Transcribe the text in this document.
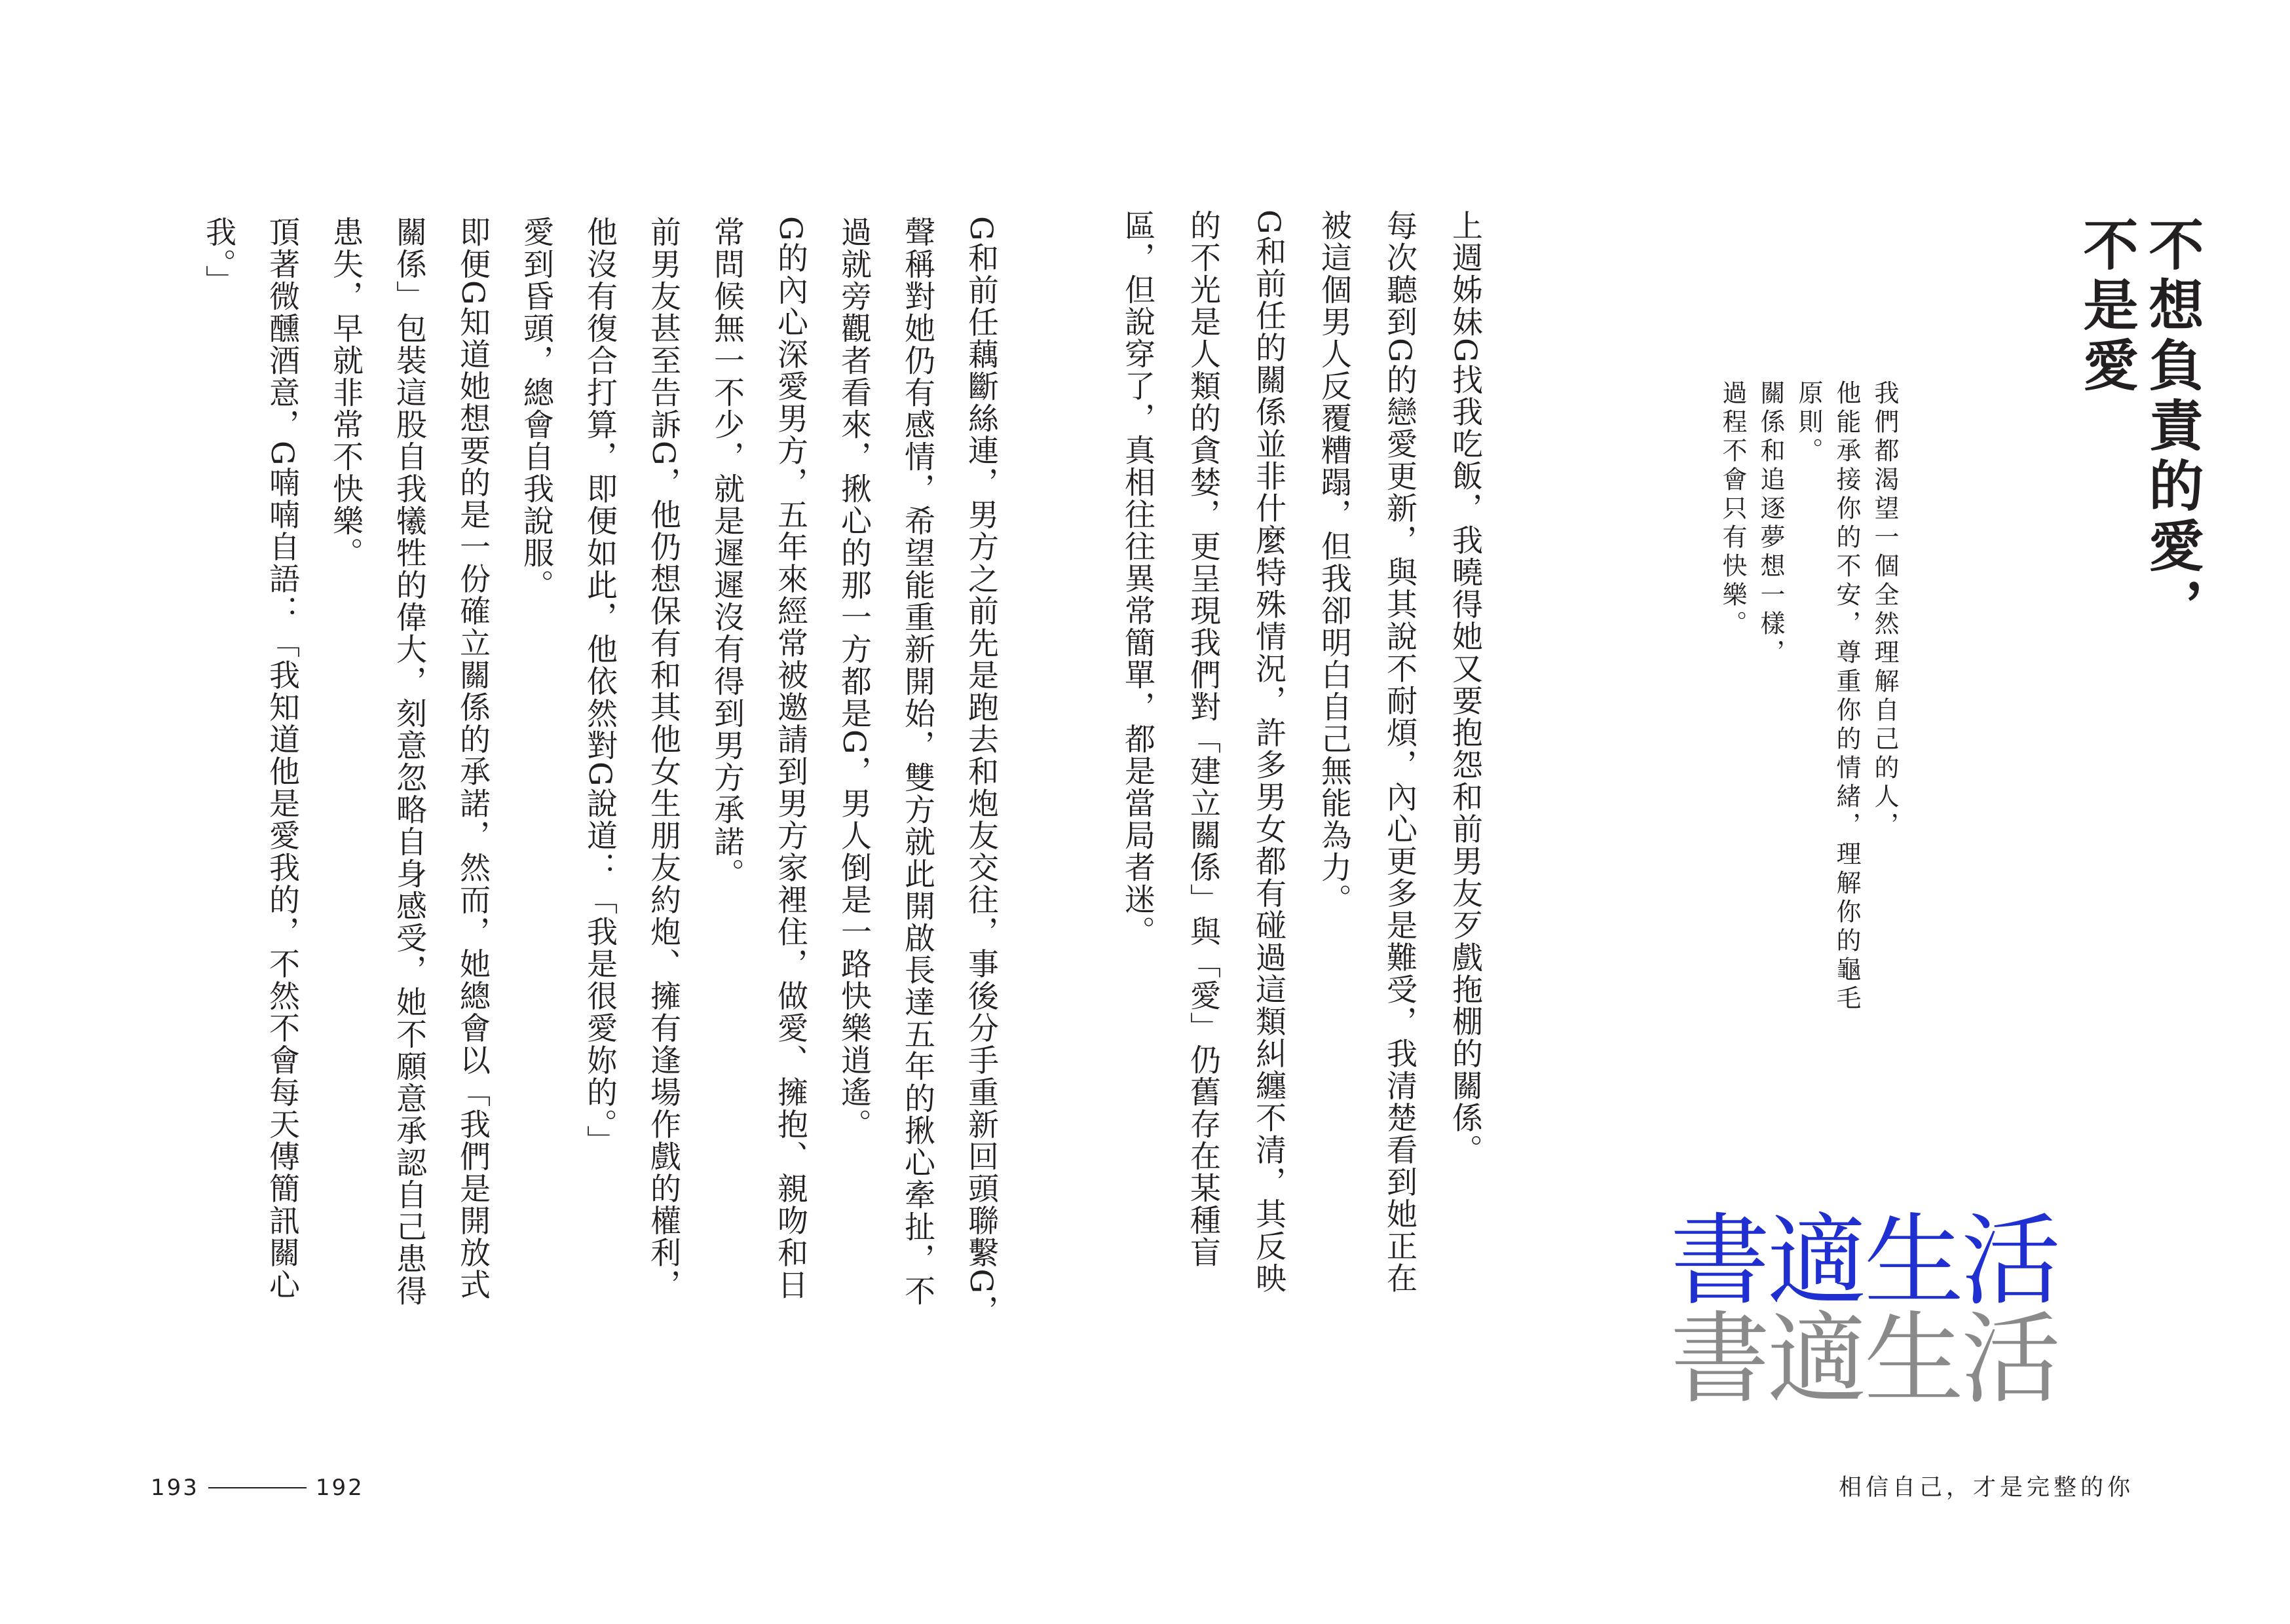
不想負責的愛，
不是愛
我們都渴望一個全然理解自己的人，
他能承接你的不安，尊重你的情緒，理解你的龜毛原則。
關係和追逐夢想一樣，
過程不會只有快樂。
上週姊妹G找我吃飯，我曉得她又要抱怨和前男友歹戲拖棚的關係。
每次聽到G的戀愛更新，與其說不耐煩，內心更多是難受，我清楚看到她正在被這個男人反覆糟蹋，但我卻明白自己無能為力。
G和前任的關係並非什麼特殊情況，許多男女都有碰過這類糾纏不清，其反映的不光是人類的貪婪，更呈現我們對「建立關係」與「愛」仍舊存在某種盲區，但說穿了，真相往往異常簡單，都是當局者迷。
G和前任藕斷絲連，男方之前先是跑去和炮友交往，事後分手重新回頭聯繫G，聲稱對她仍有感情，希望能重新開始，雙方就此開啟長達五年的揪心牽扯，不過就旁觀者看來，揪心的那一方都是G，男人倒是一路快樂逍遙。
G的內心深愛男方，五年來經常被邀請到男方家裡住，做愛、擁抱、親吻和日常問候無一不少，就是遲遲沒有得到男方承諾。
前男友甚至告訴G，他仍想保有和其他女生朋友約炮、擁有逢場作戲的權利，他沒有復合打算，即便如此，他依然對G說道：「我是很愛妳的。」
愛到昏頭，總會自我說服。
即便G知道她想要的是一份確立關係的承諾，然而，她總會以「我們是開放式關係」包裝這股自我犧牲的偉大，刻意忽略自身感受，她不願意承認自己患得患失，早就非常不快樂。
頂著微醺酒意，G喃喃自語：「我知道他是愛我的，不然不會每天傳簡訊關心我。」
書適生活
書適生活
193	192	相信自己，才是完整的你
